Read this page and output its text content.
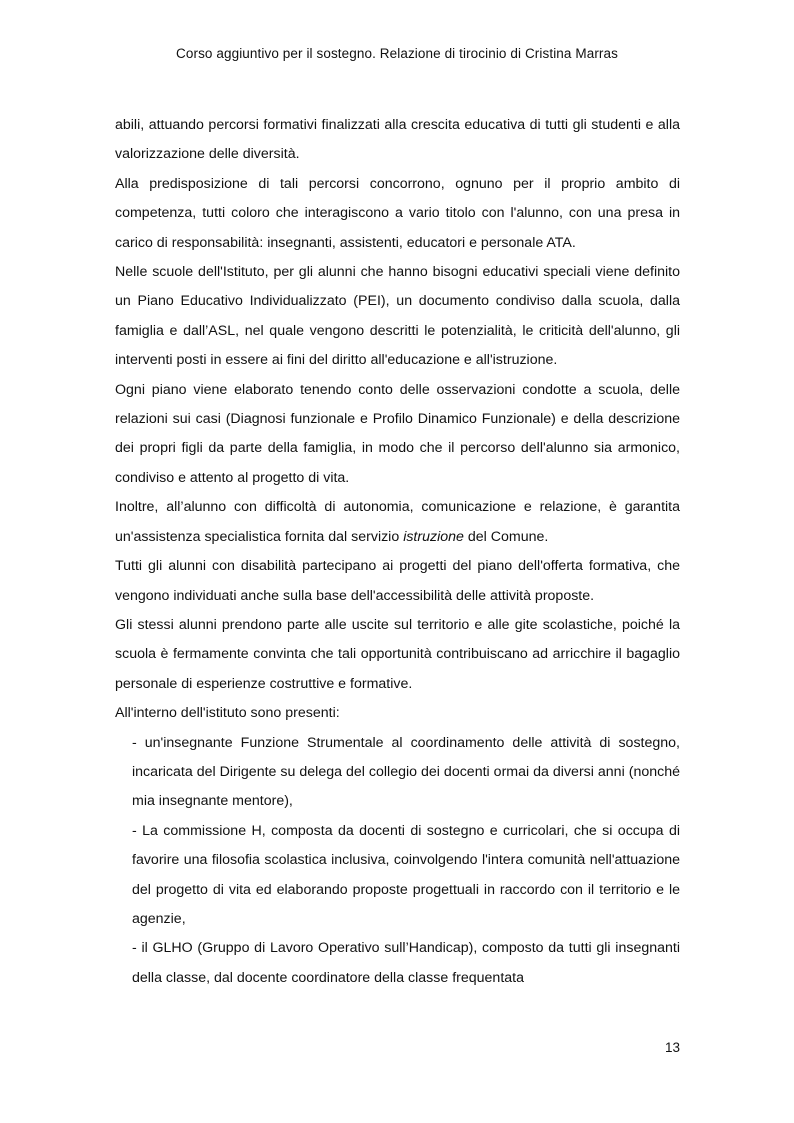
Corso aggiuntivo per il sostegno. Relazione di tirocinio di Cristina Marras

abili, attuando percorsi formativi finalizzati alla crescita educativa di tutti gli studenti e alla valorizzazione delle diversità.

Alla predisposizione di tali percorsi concorrono, ognuno per il proprio ambito di competenza, tutti coloro che interagiscono a vario titolo con l'alunno, con una presa in carico di responsabilità: insegnanti, assistenti, educatori e personale ATA.

Nelle scuole dell'Istituto, per gli alunni che hanno bisogni educativi speciali viene definito un Piano Educativo Individualizzato (PEI), un documento condiviso dalla scuola, dalla famiglia e dall’ASL, nel quale vengono descritti le potenzialità, le criticità dell'alunno, gli interventi posti in essere ai fini del diritto all'educazione e all'istruzione.

Ogni piano viene elaborato tenendo conto delle osservazioni condotte a scuola, delle relazioni sui casi (Diagnosi funzionale e Profilo Dinamico Funzionale) e della descrizione dei propri figli da parte della famiglia, in modo che il percorso dell'alunno sia armonico, condiviso e attento al progetto di vita.

Inoltre, all’alunno con difficoltà di autonomia, comunicazione e relazione, è garantita un'assistenza specialistica fornita dal servizio istruzione del Comune.

Tutti gli alunni con disabilità partecipano ai progetti del piano dell'offerta formativa, che vengono individuati anche sulla base dell'accessibilità delle attività proposte.

Gli stessi alunni prendono parte alle uscite sul territorio e alle gite scolastiche, poiché la scuola è fermamente convinta che tali opportunità contribuiscano ad arricchire il bagaglio personale di esperienze costruttive e formative.

All'interno dell'istituto sono presenti:

- un'insegnante Funzione Strumentale al coordinamento delle attività di sostegno, incaricata del Dirigente su delega del collegio dei docenti ormai da diversi anni (nonché mia insegnante mentore),

- La commissione H, composta da docenti di sostegno e curricolari, che si occupa di favorire una filosofia scolastica inclusiva, coinvolgendo l'intera comunità nell'attuazione del progetto di vita ed elaborando proposte progettuali in raccordo con il territorio e le agenzie,

- il GLHO (Gruppo di Lavoro Operativo sull’Handicap), composto da tutti gli insegnanti della classe, dal docente coordinatore della classe frequentata

13
